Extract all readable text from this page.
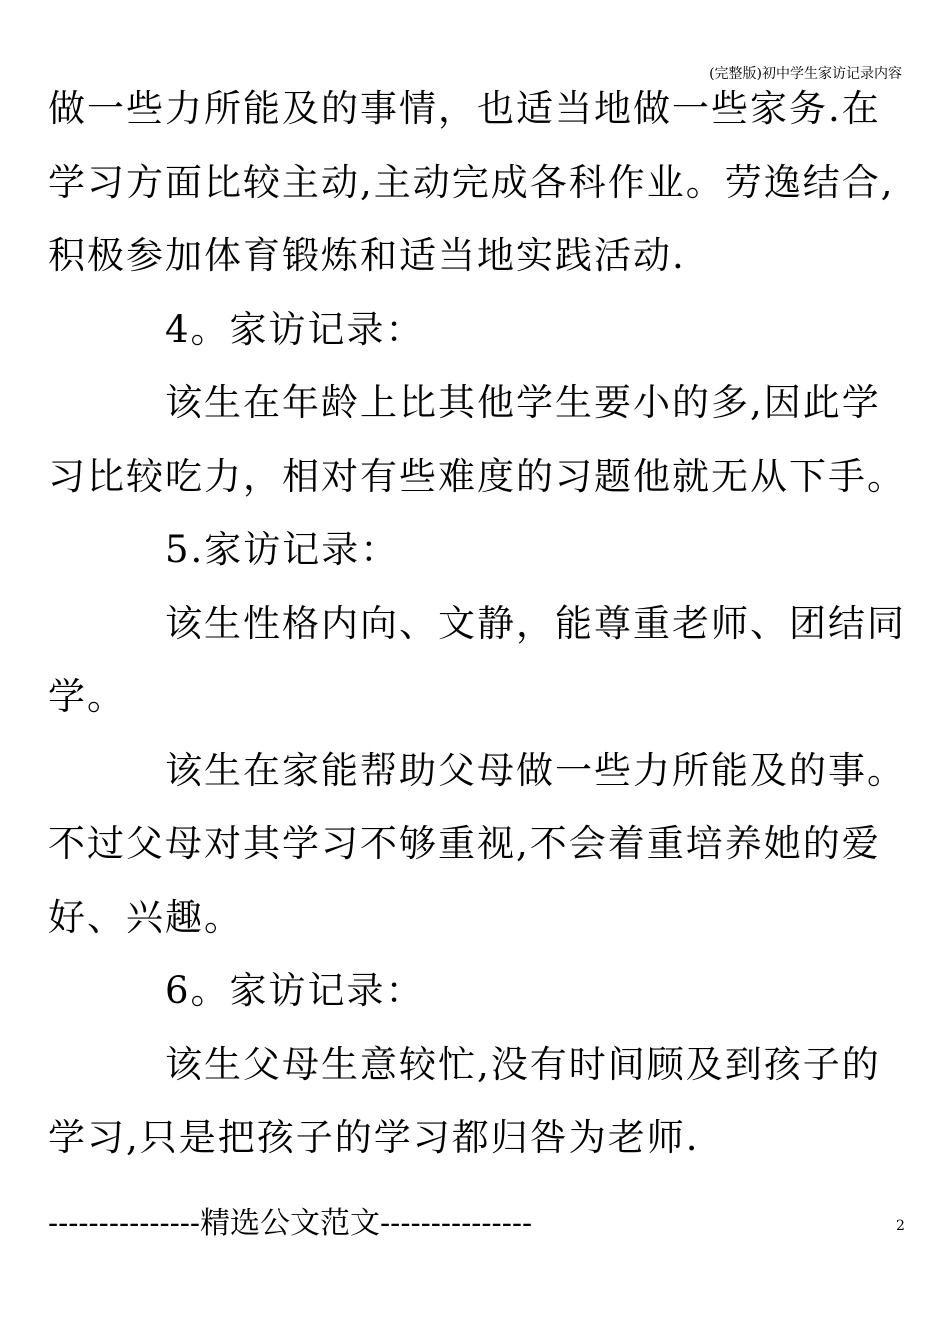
(完整版)初中学生家访记录内容

做一些力所能及的事情，也适当地做一些家务.在学习方面比较主动,主动完成各科作业。劳逸结合,积极参加体育锻炼和适当地实践活动.

4。家访记录：

该生在年龄上比其他学生要小的多,因此学习比较吃力，相对有些难度的习题他就无从下手。

5.家访记录：

该生性格内向、文静，能尊重老师、团结同学。

该生在家能帮助父母做一些力所能及的事。不过父母对其学习不够重视,不会着重培养她的爱好、兴趣。

6。家访记录：

该生父母生意较忙,没有时间顾及到孩子的学习,只是把孩子的学习都归咎为老师.

---------------精选公文范文---------------	2
